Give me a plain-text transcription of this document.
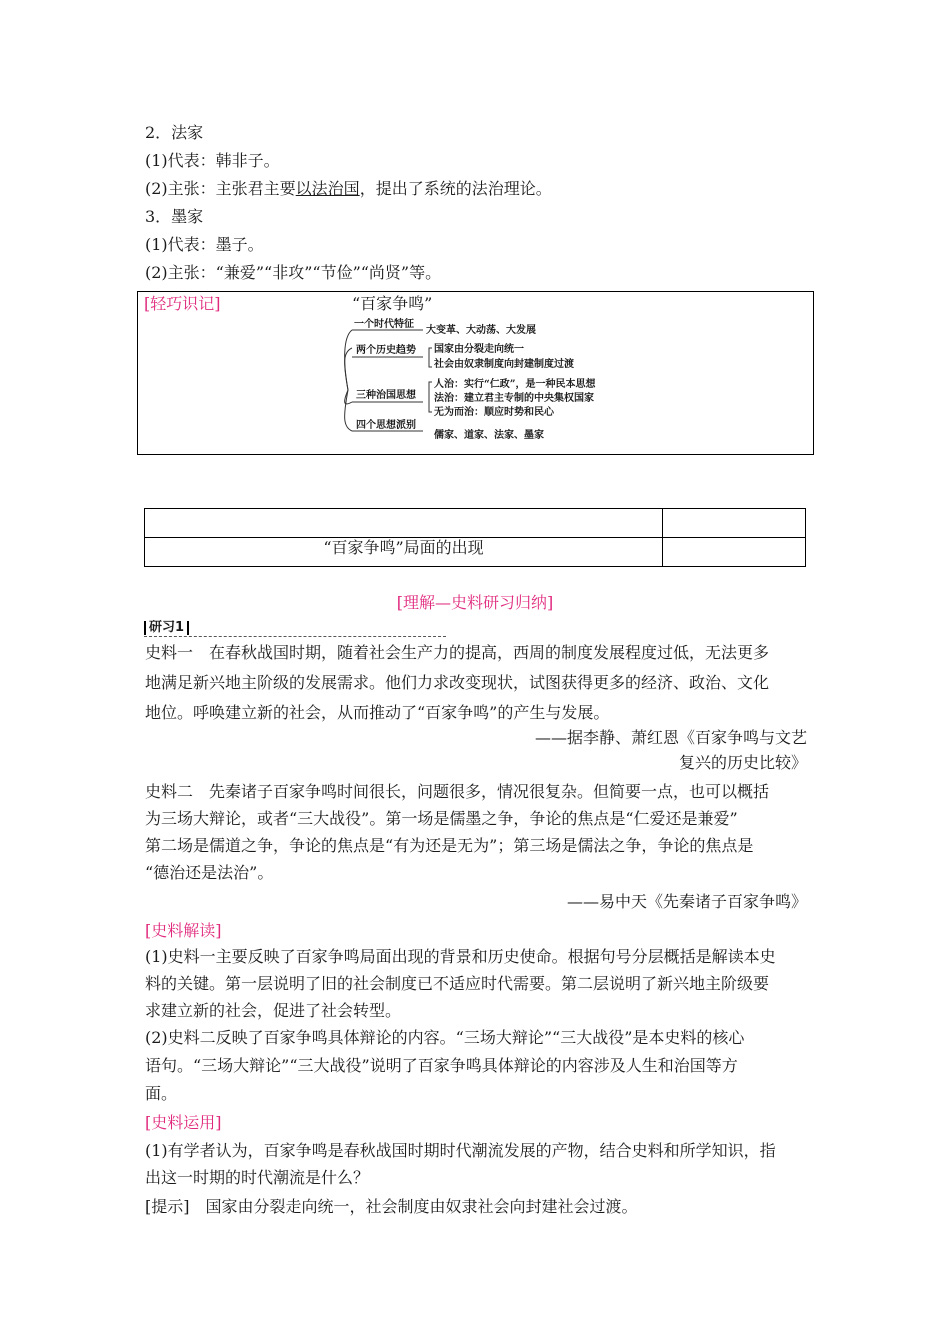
2．法家
(1)代表：韩非子。
(2)主张：主张君主要以法治国，提出了系统的法治理论。
3．墨家
(1)代表：墨子。
(2)主张：“兼爱”“非攻”“节俭”“尚贤”等。
[轻巧识记]	“百家争鸣”
一个时代特征
大变革、大动荡、大发展
两个历史趋势 国家由分裂走向统一
社会由奴隶制度向封建制度过渡
三种治国思想
人治：实行“仁政”，是一种民本思想
法治：建立君主专制的中央集权国家
无为而治：顺应时势和民心
四个思想派别
儒家、道家、法家、墨家

“百家争鸣”局面的出现	
[理解—史料研习归纳]
研习1
史料一　在春秋战国时期，随着社会生产力的提高，西周的制度发展程度过低，无法更多
地满足新兴地主阶级的发展需求。他们力求改变现状，试图获得更多的经济、政治、文化
地位。呼唤建立新的社会，从而推动了“百家争鸣”的产生与发展。
——据李静、萧红恩《百家争鸣与文艺
复兴的历史比较》
史料二　先秦诸子百家争鸣时间很长，问题很多，情况很复杂。但简要一点，也可以概括
为三场大辩论，或者“三大战役”。第一场是儒墨之争，争论的焦点是“仁爱还是兼爱”
第二场是儒道之争，争论的焦点是“有为还是无为”；第三场是儒法之争，争论的焦点是
“德治还是法治”。
——易中天《先秦诸子百家争鸣》
[史料解读]
(1)史料一主要反映了百家争鸣局面出现的背景和历史使命。根据句号分层概括是解读本史
料的关键。第一层说明了旧的社会制度已不适应时代需要。第二层说明了新兴地主阶级要
求建立新的社会，促进了社会转型。
(2)史料二反映了百家争鸣具体辩论的内容。“三场大辩论”“三大战役”是本史料的核心
语句。“三场大辩论”“三大战役”说明了百家争鸣具体辩论的内容涉及人生和治国等方
面。
[史料运用]
(1)有学者认为，百家争鸣是春秋战国时期时代潮流发展的产物，结合史料和所学知识，指
出这一时期的时代潮流是什么？
[提示]　 国家由分裂走向统一，社会制度由奴隶社会向封建社会过渡。
